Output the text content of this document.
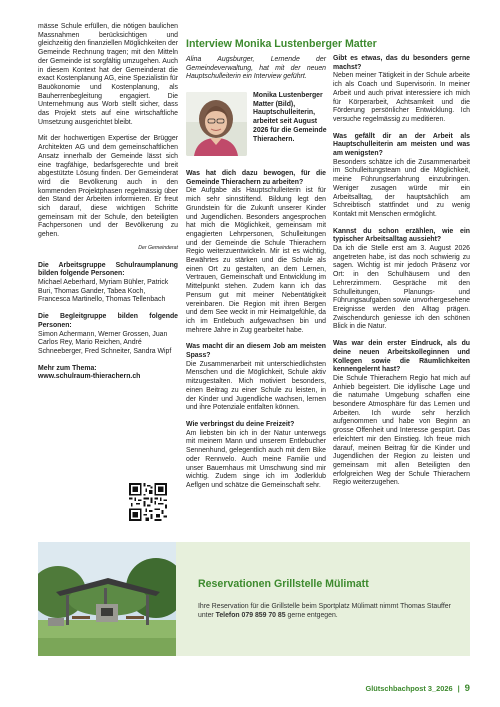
mässe Schule erfüllen, die nötigen baulichen Massnahmen berücksichtigen und gleichzeitig den finanziellen Möglichkeiten der Gemeinde Rechnung tragen; mit den Mitteln der Gemeinde ist sorgfältig umzugehen. Auch in diesem Kontext hat der Gemeinderat die exact Kostenplanung AG, eine Spezialistin für Bauökonomie und Kostenplanung, als Bauherrenbegleitung engagiert. Die Unternehmung aus Worb stellt sicher, dass das Projekt stets auf eine wirtschaftliche Umsetzung ausgerichtet bleibt.

Mit der hochwertigen Expertise der Brügger Architekten AG und dem gemeinschaftlichen Ansatz innerhalb der Gemeinde lässt sich eine tragfähige, bedarfsgerechte und breit abgestützte Lösung finden. Der Gemeinderat wird die Bevölkerung auch in den kommenden Projektphasen regelmässig über den Stand der Arbeiten informieren. Er freut sich darauf, diese wichtigen Schritte gemeinsam mit der Schule, den beteiligten Fachpersonen und der Bevölkerung zu gehen.

Der Gemeinderat

Die Arbeitsgruppe Schulraumplanung bilden folgende Personen:

Michael Aeberhard, Myriam Bühler, Patrick Buri, Thomas Gander, Tabea Koch, Francesca Martinello, Thomas Tellenbach

Die Begleitgruppe bilden folgende Personen:

Simon Achermann, Werner Grossen, Juan Carlos Rey, Mario Reichen, André Schneeberger, Fred Schneiter, Sandra Wipf

Mehr zum Thema:

www.schulraum-thierachern.ch

Interview Monika Lustenberger Matter
Alina Augsburger, Lernende der Gemeindeverwaltung, hat mit der neuen Hauptschulleiterin ein Interview geführt.
Monika Lustenberger Matter (Bild), Hauptschulleiterin, arbeitet seit August 2026 für die Gemeinde Thierachern.

Was hat dich dazu bewogen, für die Gemeinde Thierachern zu arbeiten?

Die Aufgabe als Hauptschulleiterin ist für mich sehr sinnstiftend. Bildung legt den Grundstein für die Zukunft unserer Kinder und Jugendlichen. Besonders angesprochen hat mich die Möglichkeit, gemeinsam mit engagierten Lehrpersonen, Schulleitungen und der Gemeinde die Schule Thierachern Regio weiterzuentwickeln. Mir ist es wichtig, Bewährtes zu stärken und die Schule als einen Ort zu gestalten, an dem Lernen, Vertrauen, Gemeinschaft und Entwicklung im Mittelpunkt stehen. Zudem kann ich das Pensum gut mit meiner Nebentätigkeit vereinbaren. Die Region mit ihren Bergen und dem See weckt in mir Heimatgefühle, da ich im Entlebuch aufgewachsen bin und mehrere Jahre in Zug gearbeitet habe.

Was macht dir an diesem Job am meisten Spass?

Die Zusammenarbeit mit unterschiedlichsten Menschen und die Möglichkeit, Schule aktiv mitzugestalten. Mich motiviert besonders, einen Beitrag zu einer Schule zu leisten, in der Kinder und Jugendliche wachsen, lernen und ihre Potenziale entfalten können.

Wie verbringst du deine Freizeit?

Am liebsten bin ich in der Natur unterwegs mit meinem Mann und unserem Entlebucher Sennenhund, gelegentlich auch mit dem Bike oder Rennvelo. Auch meine Familie und unser Bauernhaus mit Umschwung sind mir wichtig. Zudem singe ich im Jodlerklub Aeflgen und schätze die Gemeinschaft sehr.

Gibt es etwas, das du besonders gerne machst?

Neben meiner Tätigkeit in der Schule arbeite ich als Coach und Supervisorin. In meiner Arbeit und auch privat interessiere ich mich für Körperarbeit, Achtsamkeit und die Förderung persönlicher Entwicklung. Ich versuche regelmässig zu meditieren.

Was gefällt dir an der Arbeit als Hauptschulleiterin am meisten und was am wenigsten?

Besonders schätze ich die Zusammenarbeit im Schulleitungsteam und die Möglichkeit, meine Führungserfahrung einzubringen. Weniger zusagen würde mir ein Arbeitsalltag, der hauptsächlich am Schreibtisch stattfindet und zu wenig Kontakt mit Menschen ermöglicht.

Kannst du schon erzählen, wie ein typischer Arbeitsalltag aussieht?

Da ich die Stelle erst am 3. August 2026 angetreten habe, ist das noch schwierig zu sagen. Wichtig ist mir jedoch Präsenz vor Ort: in den Schulhäusern und den Lehrerzimmern. Gespräche mit den Schulleitungen, Planungs- und Führungsaufgaben sowie unvorhergesehene Ereignisse werden den Alltag prägen. Zwischendurch geniesse ich den schönen Blick in die Natur.

Was war dein erster Eindruck, als du deine neuen Arbeitskolleginnen und Kollegen sowie die Räumlichkeiten kennengelernt hast?

Die Schule Thierachern Regio hat mich auf Anhieb begeistert. Die idyllische Lage und die naturnahe Umgebung schaffen eine besondere Atmosphäre für das Lernen und Arbeiten. Ich wurde sehr herzlich aufgenommen und habe von Beginn an grosse Offenheit und Interesse gespürt. Das erleichtert mir den Einstieg. Ich freue mich darauf, meinen Beitrag für die Kinder und Jugendlichen der Region zu leisten und gemeinsam mit allen Beteiligten den erfolgreichen Weg der Schule Thierachern Regio weiterzugehen.

Reservationen Grillstelle Mülimatt
Ihre Reservation für die Grillstelle beim Sportplatz Mülimatt nimmt Thomas Stauffer unter Telefon 079 859 70 85 gerne entgegen.
Glütschbachpost 3_2026 | 9
